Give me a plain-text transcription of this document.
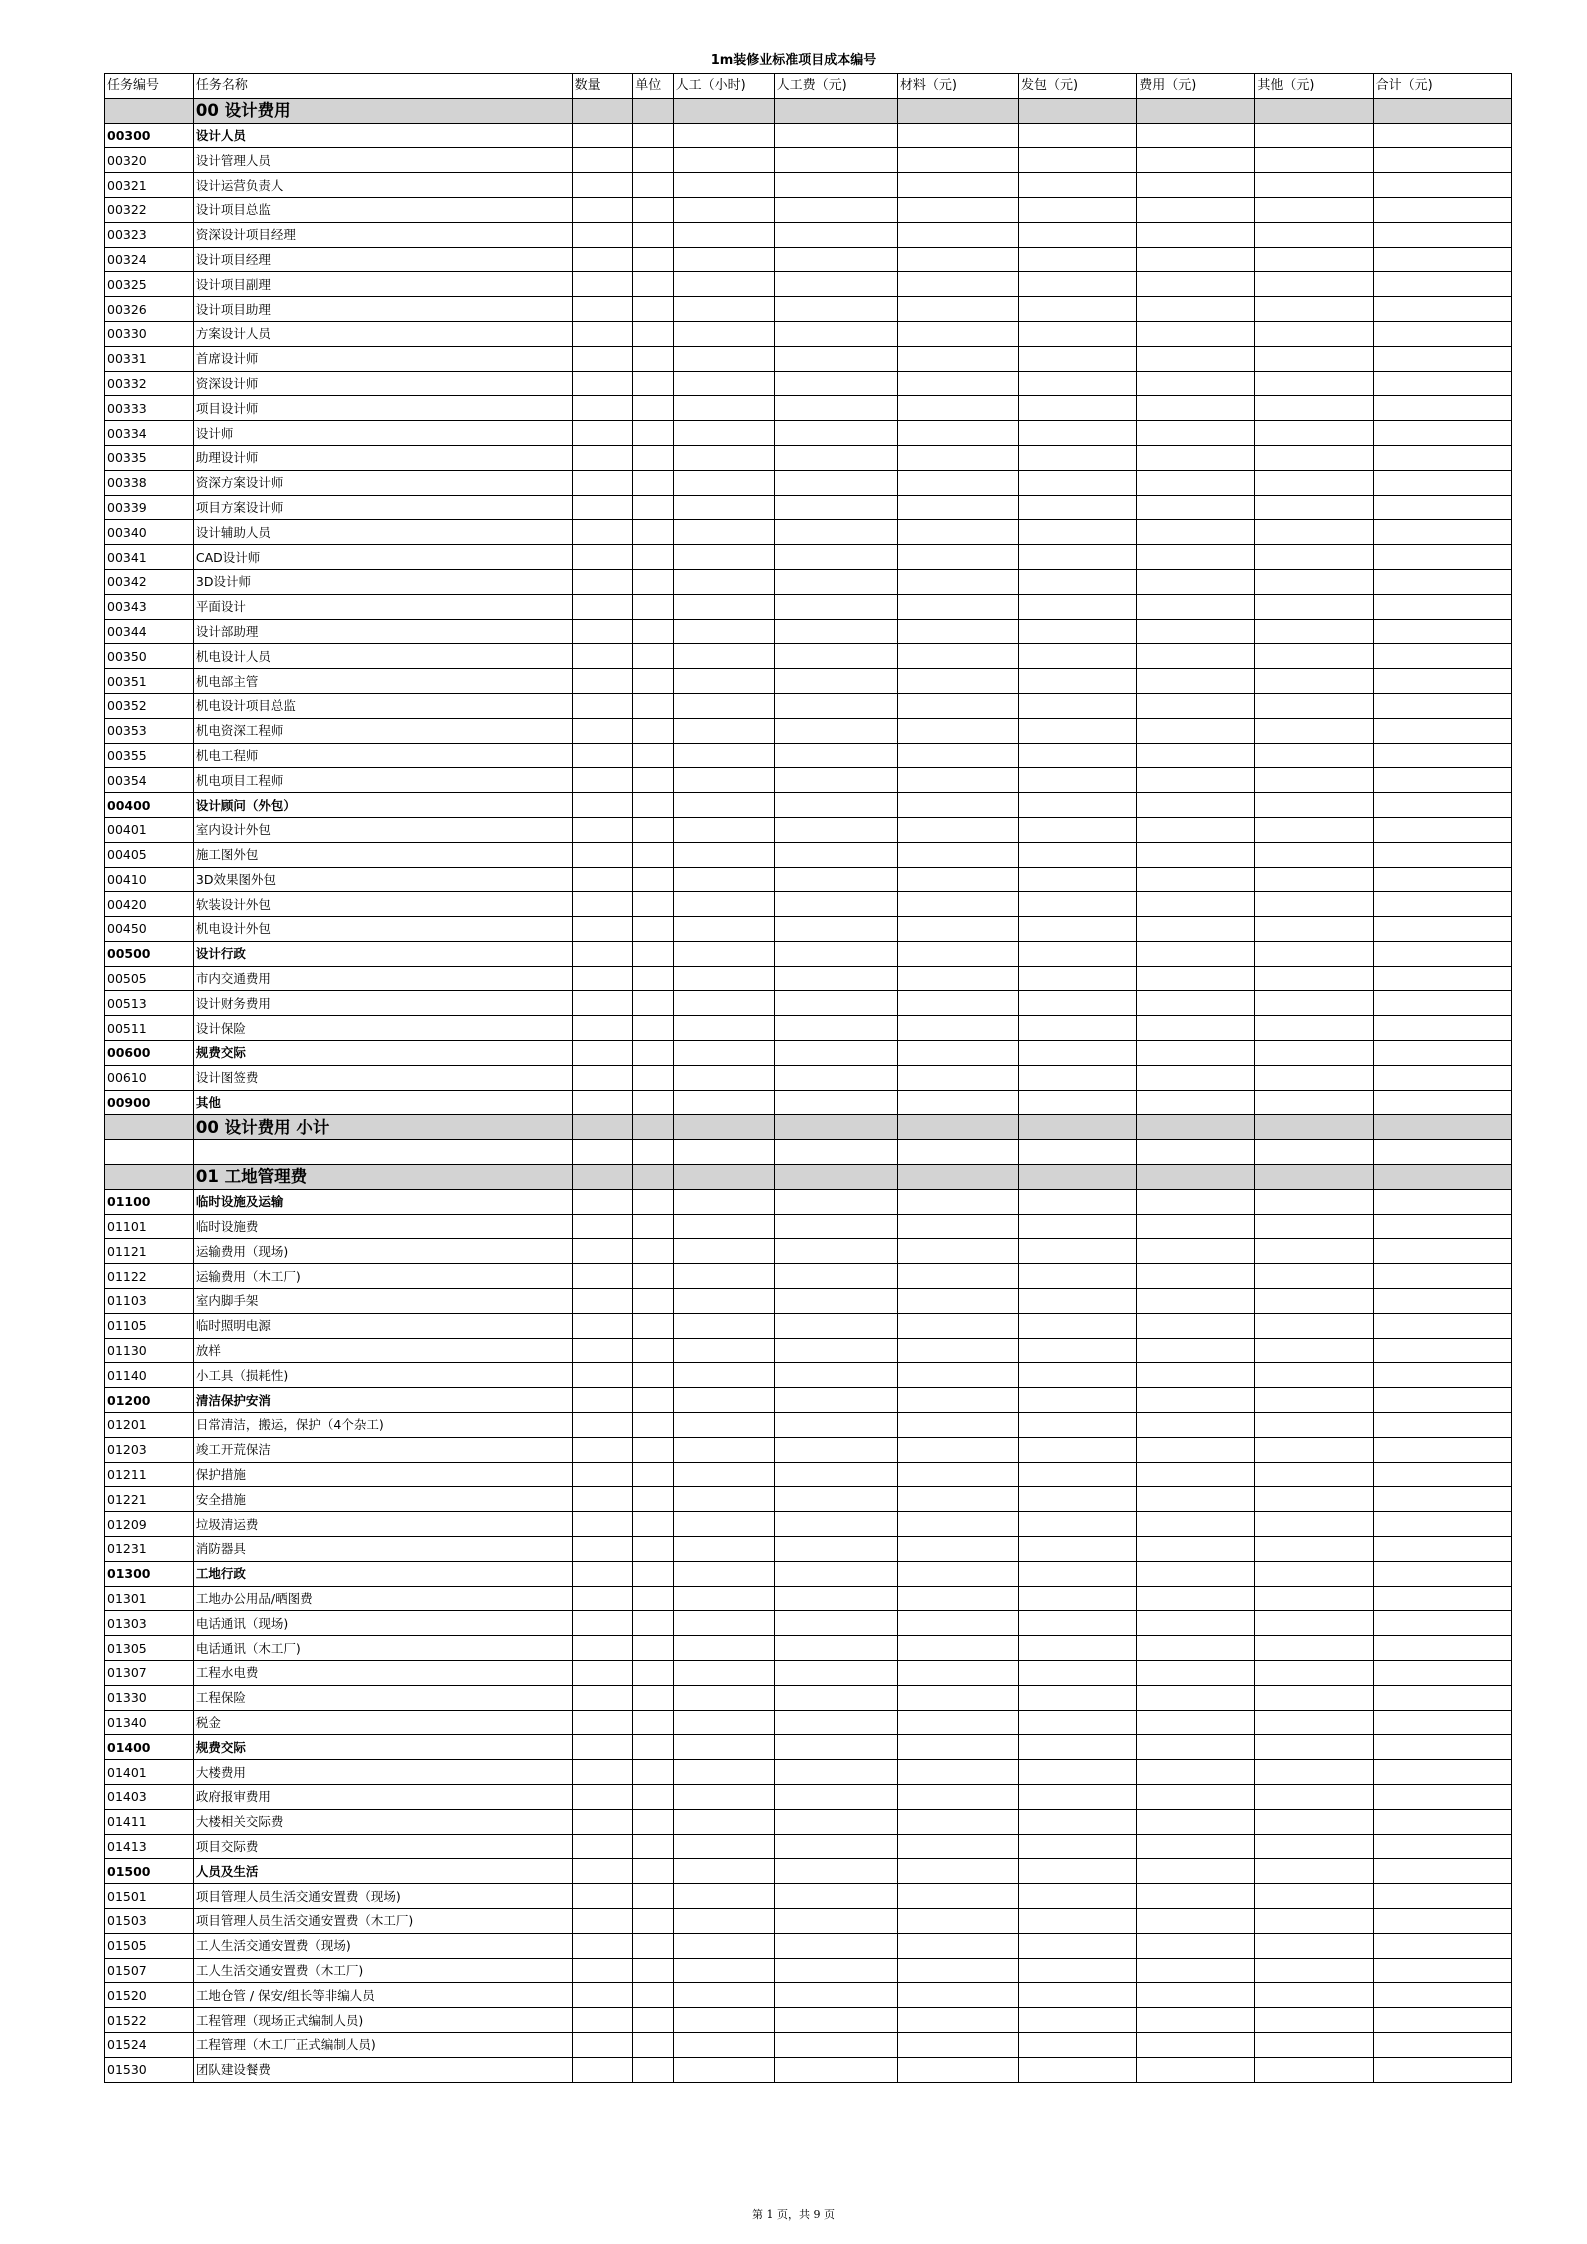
1m装修业标准项目成本编号
任务编号	任务名称	数量	单位	人工（小时)	人工费（元)	材料（元)	发包（元)	费用（元)	其他（元)	合计（元)
	00 设计费用									
00300	设计人员									
00320	设计管理人员									
00321	设计运营负责人									
00322	设计项目总监									
00323	资深设计项目经理									
00324	设计项目经理									
00325	设计项目副理									
00326	设计项目助理									
00330	方案设计人员									
00331	首席设计师									
00332	资深设计师									
00333	项目设计师									
00334	设计师									
00335	助理设计师									
00338	资深方案设计师									
00339	项目方案设计师									
00340	设计辅助人员									
00341	CAD设计师									
00342	3D设计师									
00343	平面设计									
00344	设计部助理									
00350	机电设计人员									
00351	机电部主管									
00352	机电设计项目总监									
00353	机电资深工程师									
00355	机电工程师									
00354	机电项目工程师									
00400	设计顾问（外包）									
00401	室内设计外包									
00405	施工图外包									
00410	3D效果图外包									
00420	软装设计外包									
00450	机电设计外包									
00500	设计行政									
00505	市内交通费用									
00513	设计财务费用									
00511	设计保险									
00600	规费交际									
00610	设计图签费									
00900	其他									
	00 设计费用 小计									

	01 工地管理费									
01100	临时设施及运输									
01101	临时设施费									
01121	运输费用（现场)									
01122	运输费用（木工厂)									
01103	室内脚手架									
01105	临时照明电源									
01130	放样									
01140	小工具（损耗性)									
01200	清洁保护安消									
01201	日常清洁，搬运，保护（4个杂工)									
01203	竣工开荒保洁									
01211	保护措施									
01221	安全措施									
01209	垃圾清运费									
01231	消防器具									
01300	工地行政									
01301	工地办公用品/晒图费									
01303	电话通讯（现场)									
01305	电话通讯（木工厂)									
01307	工程水电费									
01330	工程保险									
01340	税金									
01400	规费交际									
01401	大楼费用									
01403	政府报审费用									
01411	大楼相关交际费									
01413	项目交际费									
01500	人员及生活									
01501	项目管理人员生活交通安置费（现场)									
01503	项目管理人员生活交通安置费（木工厂)									
01505	工人生活交通安置费（现场)									
01507	工人生活交通安置费（木工厂)									
01520	工地仓管 / 保安/组长等非编人员									
01522	工程管理（现场正式编制人员)									
01524	工程管理（木工厂正式编制人员)									
01530	团队建设餐费									
第 1 页，共 9 页
